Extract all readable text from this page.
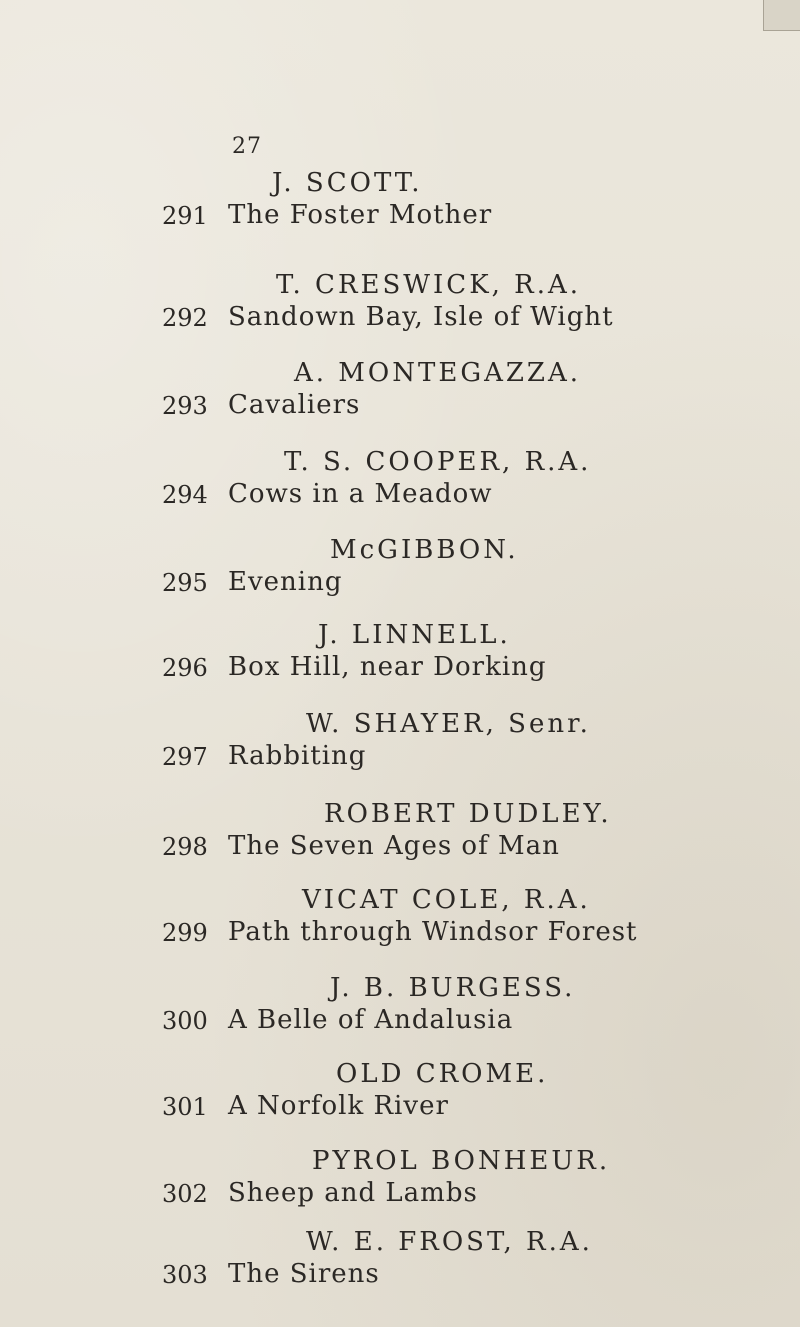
27
J. SCOTT.
291 The Foster Mother
T. CRESWICK, R.A.
292 Sandown Bay, Isle of Wight
A. MONTEGAZZA.
293 Cavaliers
T. S. COOPER, R.A.
294 Cows in a Meadow
McGIBBON.
295 Evening
J. LINNELL.
296 Box Hill, near Dorking
W. SHAYER, Senr.
297 Rabbiting
ROBERT DUDLEY.
298 The Seven Ages of Man
VICAT COLE, R.A.
299 Path through Windsor Forest
J. B. BURGESS.
300 A Belle of Andalusia
OLD CROME.
301 A Norfolk River
PYROL BONHEUR.
302 Sheep and Lambs
W. E. FROST, R.A.
303 The Sirens
